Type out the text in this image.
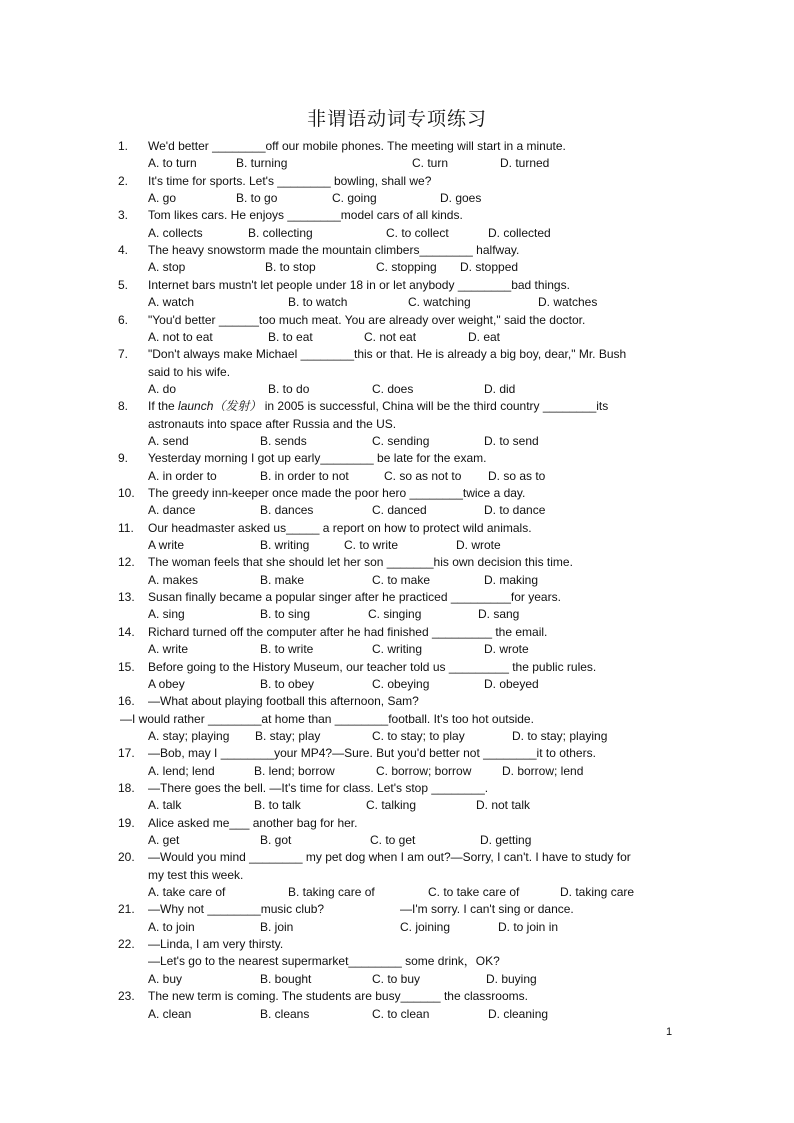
非谓语动词专项练习
1.	We'd better ________off our mobile phones. The meeting will start in a minute.
A. to turn	B. turning	C. turn	D. turned
2.	It's time for sports. Let's ________ bowling, shall we?
A. go	B. to go	C. going	D. goes
3.	Tom likes cars. He enjoys ________model cars of all kinds.
A. collects	B. collecting	C. to collect	D. collected
4.	The heavy snowstorm made the mountain climbers________ halfway.
A. stop	B. to stop	C. stopping D. stopped
5.	Internet bars mustn't let people under 18 in or let anybody ________bad things.
A. watch	B. to watch	C. watching	D. watches
6.	"You'd better ______too much meat. You are already over weight," said the doctor.
A. not to eat	B. to eat	C. not eat	D. eat
7.	"Don't always make Michael ________this or that. He is already a big boy, dear," Mr. Bush
said to his wife.
A. do	B. to do	C. does	D. did
8.	If the launch（发射） in 2005 is successful, China will be the third country ________its
astronauts into space after Russia and the US.
A. send	B. sends	C. sending	D. to send
9.	Yesterday morning I got up early________ be late for the exam.
A. in order to	B. in order to not	C. so as not to D. so as to
10.	The greedy inn-keeper once made the poor hero ________twice a day.
A. dance	B. dances	C. danced	D. to dance
11.	Our headmaster asked us_____ a report on how to protect wild animals.
A write	B. writing	C. to write	D. wrote
12.	The woman feels that she should let her son _______his own decision this time.
A. makes	B. make	C. to make	D. making
13.	Susan finally became a popular singer after he practiced _________for years.
A. sing	B. to sing	C. singing	D. sang
14.	Richard turned off the computer after he had finished _________ the email.
A. write	B. to write	C. writing	D. wrote
15.	Before going to the History Museum, our teacher told us _________ the public rules.
A obey	B. to obey	C. obeying	D. obeyed
16.	—What about playing football this afternoon, Sam?
—I would rather ________at home than ________football. It's too hot outside.
A. stay; playing B. stay; play	C. to stay; to play	D. to stay; playing
17.	—Bob, may I ________your MP4?—Sure. But you'd better not ________it to others.
A. lend; lend	B. lend; borrow	C. borrow; borrow	D. borrow; lend
18.	—There goes the bell. —It's time for class. Let's stop ________.
A. talk	B. to talk	C. talking	D. not talk
19.	Alice asked me___ another bag for her.
A. get	B. got	C. to get	D. getting
20.	—Would you mind ________ my pet dog when I am out?—Sorry, I can't. I have to study for
my test this week.
A. take care of	B. taking care of	C. to take care of	D. taking care
21.	—Why not ________music club?	—I'm sorry. I can't sing or dance.
A. to join	B. join	C. joining	D. to join in
22.	—Linda, I am very thirsty.
—Let's go to the nearest supermarket________ some drink，OK?
A. buy	B. bought	C. to buy	D. buying
23.	The new term is coming. The students are busy______ the classrooms.
A. clean	B. cleans	C. to clean	D. cleaning
1
